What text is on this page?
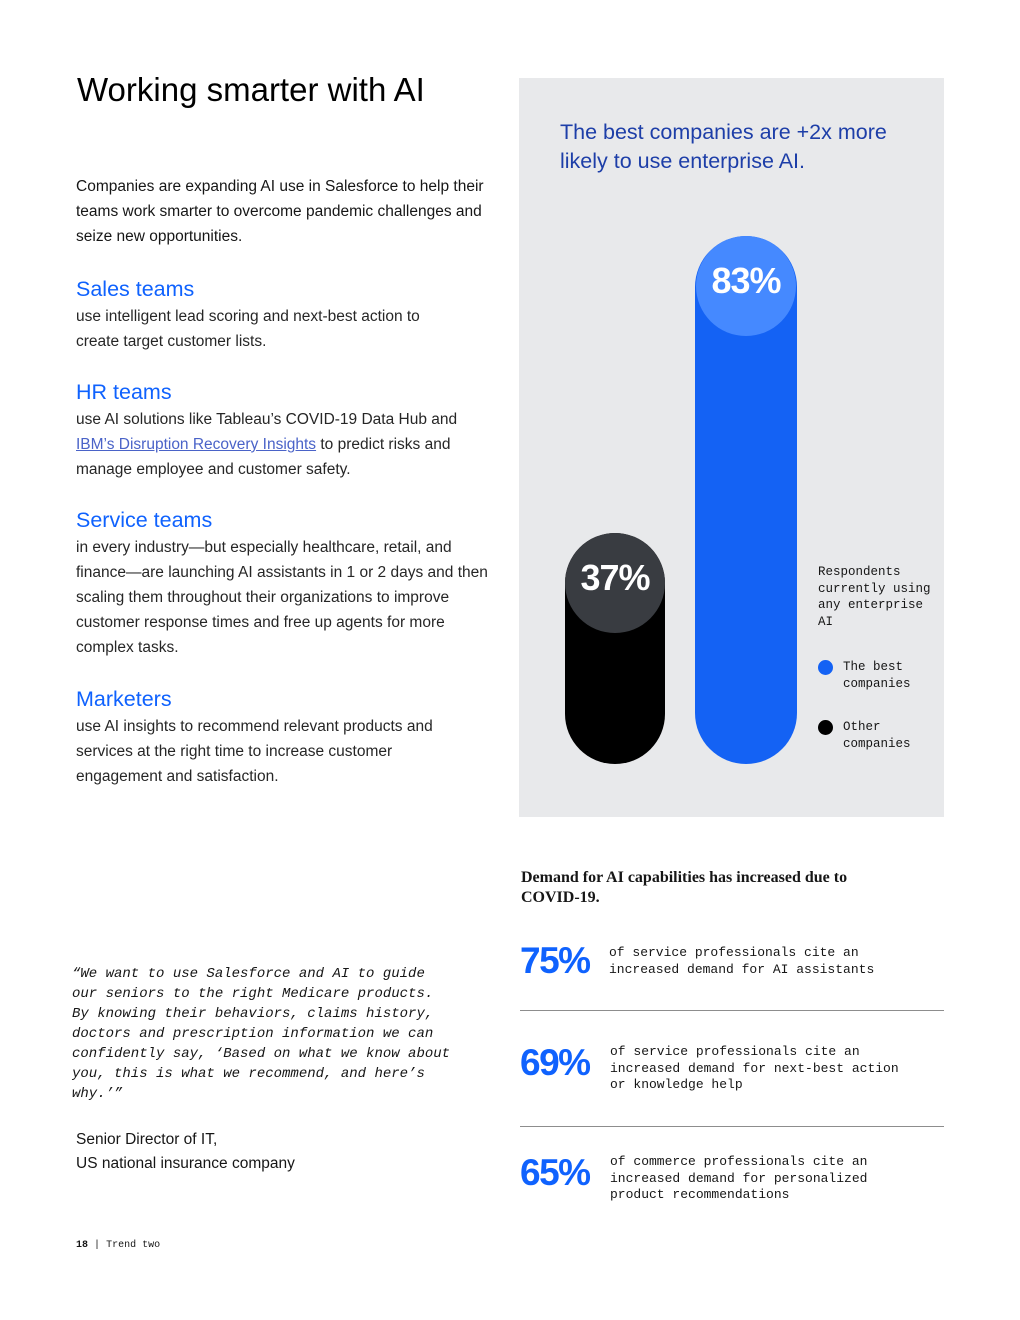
Working smarter with AI

Companies are expanding AI use in Salesforce to help their teams work smarter to overcome pandemic challenges and seize new opportunities.

Sales teams

use intelligent lead scoring and next-best action to create target customer lists.

HR teams

use AI solutions like Tableau’s COVID-19 Data Hub and IBM’s Disruption Recovery Insights to predict risks and manage employee and customer safety.

Service teams

in every industry—but especially healthcare, retail, and finance—are launching AI assistants in 1 or 2 days and then scaling them throughout their organizations to improve customer response times and free up agents for more complex tasks.

Marketers

use AI insights to recommend relevant products and services at the right time to increase customer engagement and satisfaction.

“We want to use Salesforce and AI to guide
our seniors to the right Medicare products.
By knowing their behaviors, claims history,
doctors and prescription information we can
confidently say, ‘Based on what we know about
you, this is what we recommend, and here’s
why.’”

Senior Director of IT,
US national insurance company

18 | Trend two
The best companies are +2x more likely to use enterprise AI.
37%
83%

Respondents currently using any enterprise AI

The best companies
Other companies

Demand for AI capabilities has increased due to COVID-19.

75% of service professionals cite an increased demand for AI assistants

69% of service professionals cite an increased demand for next-best action or knowledge help

65% of commerce professionals cite an increased demand for personalized product recommendations
